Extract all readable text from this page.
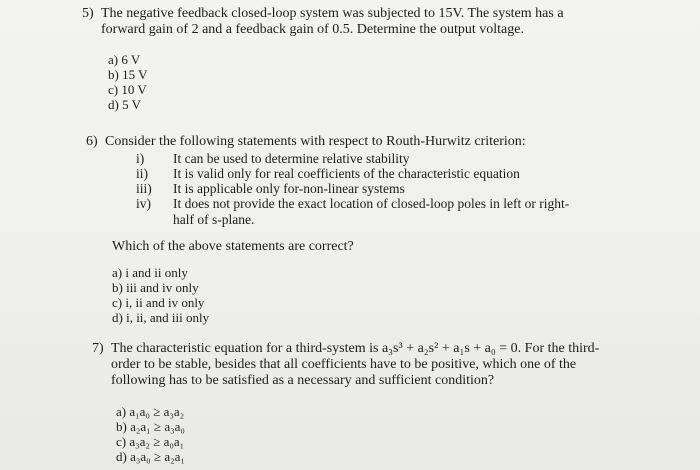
5) The negative feedback closed-loop system was subjected to 15V. The system has a
forward gain of 2 and a feedback gain of 0.5. Determine the output voltage.
a) 6 V
b) 15 V
c) 10 V
d) 5 V
6) Consider the following statements with respect to Routh-Hurwitz criterion:
i) It can be used to determine relative stability
ii) It is valid only for real coefficients of the characteristic equation
iii) It is applicable only for-non-linear systems
iv) It does not provide the exact location of closed-loop poles in left or right-
half of s-plane.
Which of the above statements are correct?
a) i and ii only
b) iii and iv only
c) i, ii and iv only
d) i, ii, and iii only
7) The characteristic equation for a third-system is a₃s³ + a₂s² + a₁s + a₀ = 0. For the third-
order to be stable, besides that all coefficients have to be positive, which one of the
following has to be satisfied as a necessary and sufficient condition?
a) a₁a₀ ≥ a₃a₂
b) a₂a₁ ≥ a₃a₀
c) a₃a₂ ≥ a₀a₁
d) a₃a₀ ≥ a₂a₁
